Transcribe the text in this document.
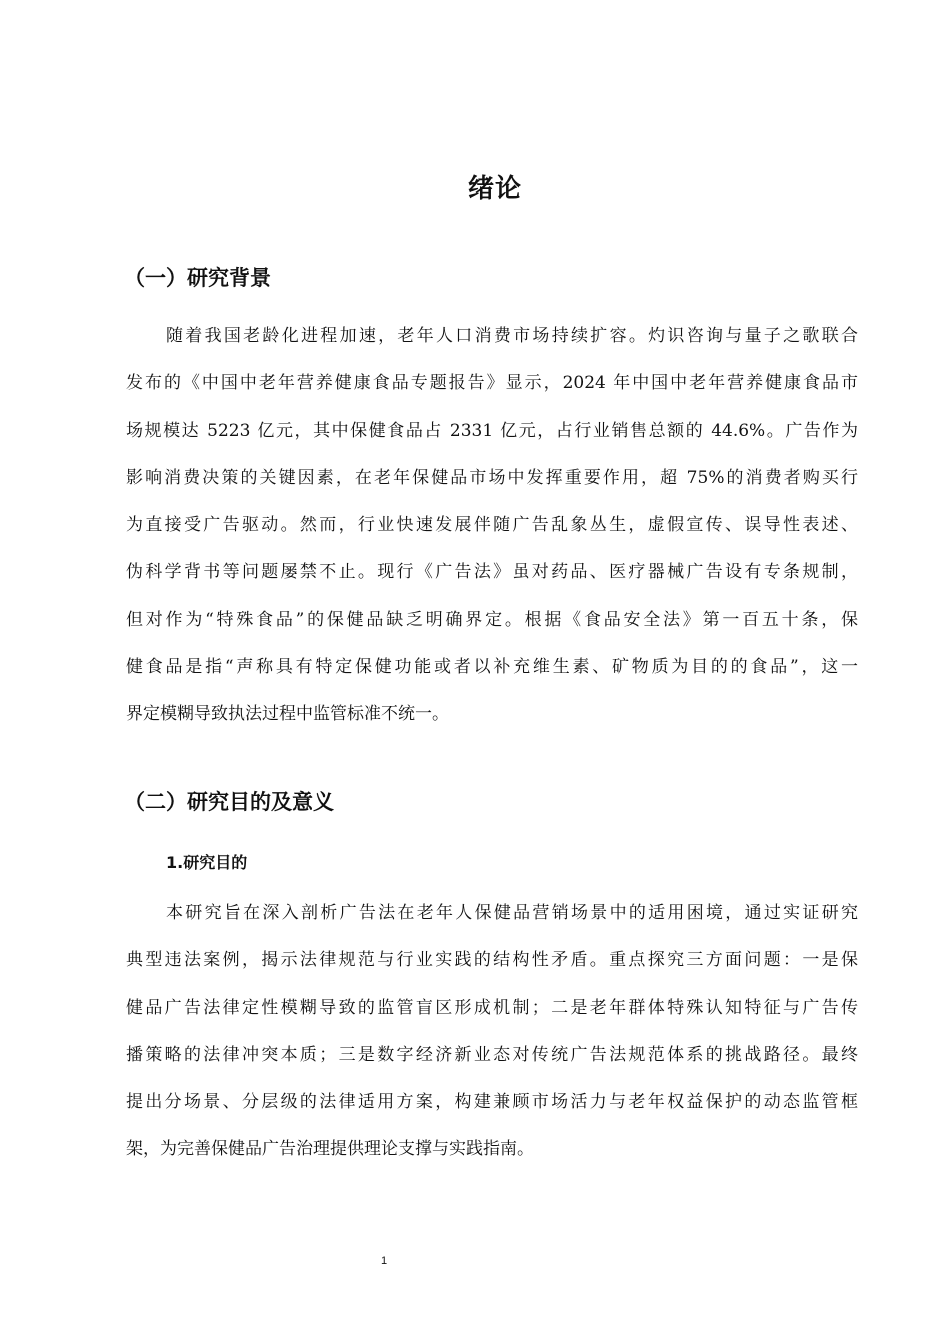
绪论
（一）研究背景
随着我国老龄化进程加速，老年人口消费市场持续扩容。灼识咨询与量子之歌联合
发布的《中国中老年营养健康食品专题报告》显示，2024 年中国中老年营养健康食品市
场规模达 5223 亿元，其中保健食品占 2331 亿元，占行业销售总额的 44.6%。广告作为
影响消费决策的关键因素，在老年保健品市场中发挥重要作用，超 75%的消费者购买行
为直接受广告驱动。然而，行业快速发展伴随广告乱象丛生，虚假宣传、误导性表述、
伪科学背书等问题屡禁不止。现行《广告法》虽对药品、医疗器械广告设有专条规制，
但对作为“特殊食品”的保健品缺乏明确界定。根据《食品安全法》第一百五十条，保
健食品是指“声称具有特定保健功能或者以补充维生素、矿物质为目的的食品”，这一
界定模糊导致执法过程中监管标准不统一。
（二）研究目的及意义
1.研究目的
本研究旨在深入剖析广告法在老年人保健品营销场景中的适用困境，通过实证研究
典型违法案例，揭示法律规范与行业实践的结构性矛盾。重点探究三方面问题：一是保
健品广告法律定性模糊导致的监管盲区形成机制；二是老年群体特殊认知特征与广告传
播策略的法律冲突本质；三是数字经济新业态对传统广告法规范体系的挑战路径。最终
提出分场景、分层级的法律适用方案，构建兼顾市场活力与老年权益保护的动态监管框
架，为完善保健品广告治理提供理论支撑与实践指南。
1
